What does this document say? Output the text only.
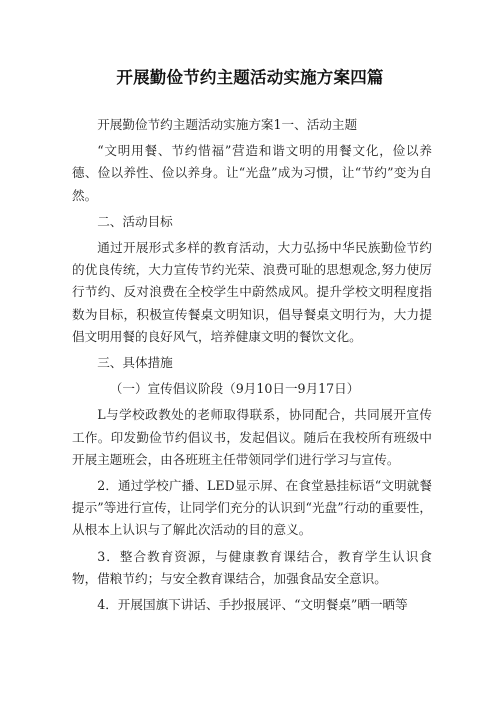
开展勤俭节约主题活动实施方案四篇

开展勤俭节约主题活动实施方案1一、活动主题

“文明用餐、节约惜福”营造和谐文明的用餐文化，俭以养德、俭以养性、俭以养身。让“光盘”成为习惯，让“节约”变为自然。

二、活动目标

通过开展形式多样的教育活动，大力弘扬中华民族勤俭节约的优良传统，大力宣传节约光荣、浪费可耻的思想观念,努力使厉行节约、反对浪费在全校学生中蔚然成风。提升学校文明程度指数为目标，积极宣传餐桌文明知识，倡导餐桌文明行为，大力提倡文明用餐的良好风气，培养健康文明的餐饮文化。

三、具体措施

（一）宣传倡议阶段（9月10日一9月17日）

L与学校政教处的老师取得联系，协同配合，共同展开宣传工作。印发勤俭节约倡议书，发起倡议。随后在我校所有班级中开展主题班会，由各班班主任带领同学们进行学习与宣传。

2．通过学校广播、LED显示屏、在食堂悬挂标语“文明就餐提示”等进行宣传，让同学们充分的认识到“光盘”行动的重要性，从根本上认识与了解此次活动的目的意义。

3．整合教育资源，与健康教育课结合，教育学生认识食物，借粮节约；与安全教育课结合，加强食品安全意识。

4．开展国旗下讲话、手抄报展评、“文明餐桌”晒一晒等
